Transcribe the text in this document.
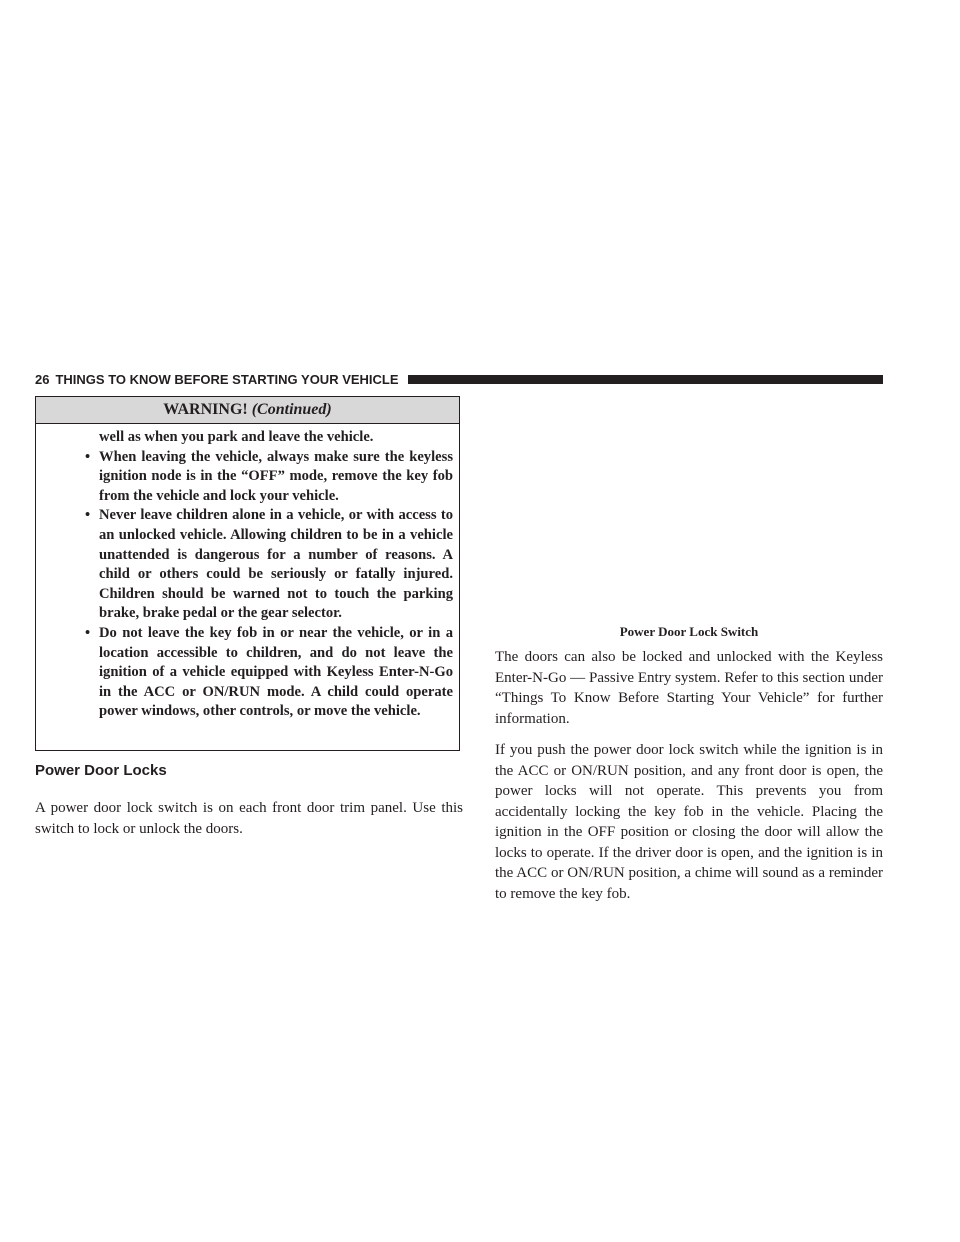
26 THINGS TO KNOW BEFORE STARTING YOUR VEHICLE
WARNING! (Continued)

well as when you park and leave the vehicle.

• When leaving the vehicle, always make sure the keyless ignition node is in the “OFF” mode, remove the key fob from the vehicle and lock your vehicle.
• Never leave children alone in a vehicle, or with access to an unlocked vehicle. Allowing children to be in a vehicle unattended is dangerous for a number of reasons. A child or others could be seriously or fatally injured. Children should be warned not to touch the parking brake, brake pedal or the gear selector.
• Do not leave the key fob in or near the vehicle, or in a location accessible to children, and do not leave the ignition of a vehicle equipped with Keyless Enter-N-Go in the ACC or ON/RUN mode. A child could operate power windows, other controls, or move the vehicle.
Power Door Locks

A power door lock switch is on each front door trim panel. Use this switch to lock or unlock the doors.

Power Door Lock Switch

The doors can also be locked and unlocked with the Keyless Enter-N-Go — Passive Entry system. Refer to this section under “Things To Know Before Starting Your Vehicle” for further information.

If you push the power door lock switch while the ignition is in the ACC or ON/RUN position, and any front door is open, the power locks will not operate. This prevents you from accidentally locking the key fob in the vehicle. Placing the ignition in the OFF position or closing the door will allow the locks to operate. If the driver door is open, and the ignition is in the ACC or ON/RUN position, a chime will sound as a reminder to remove the key fob.
